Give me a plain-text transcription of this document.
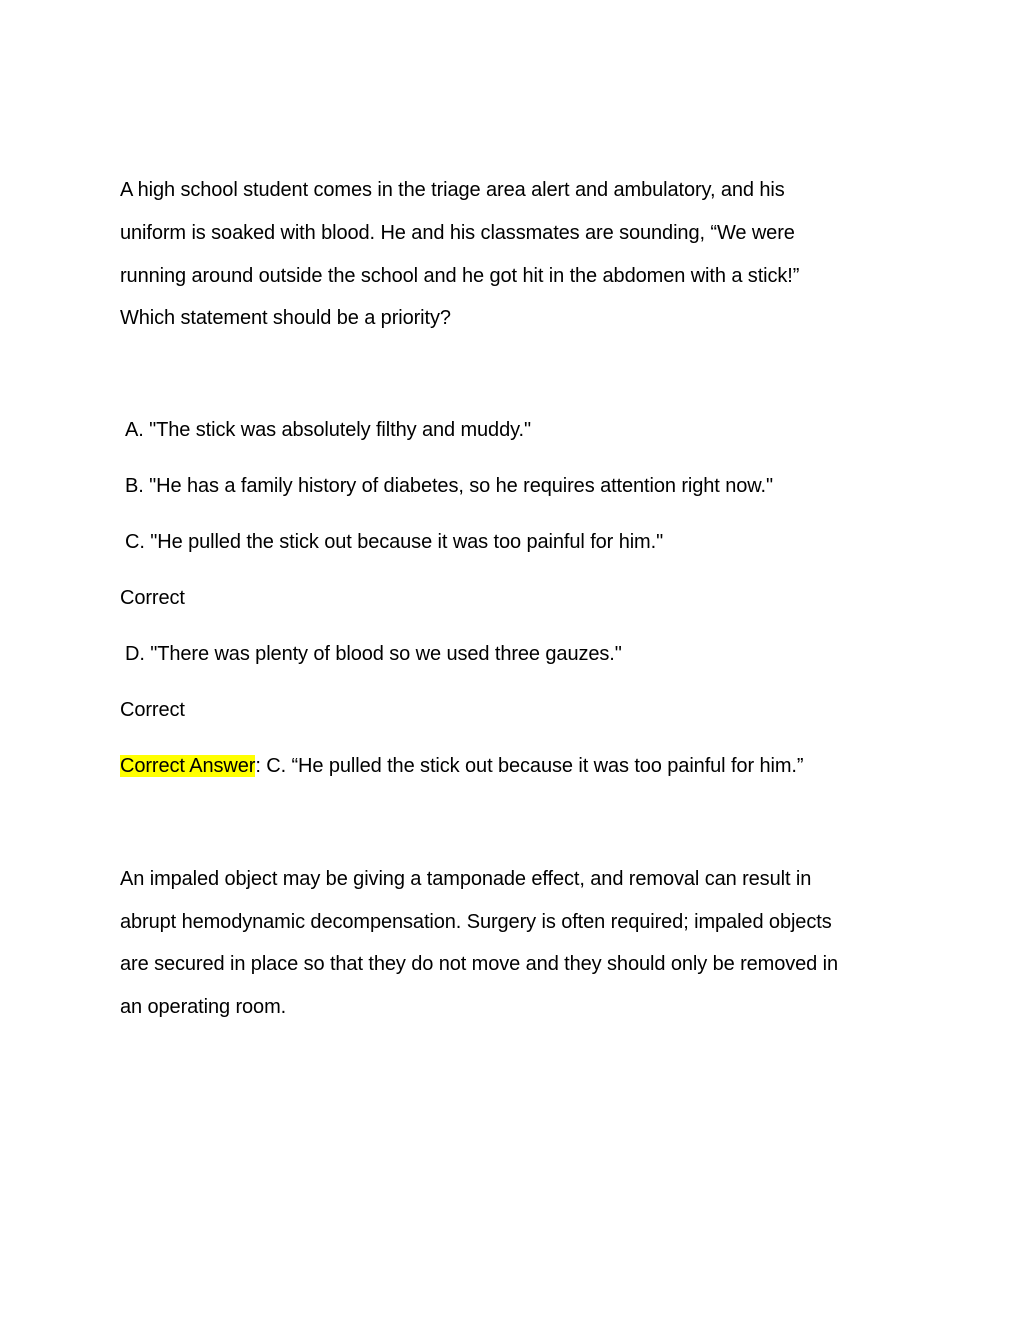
A high school student comes in the triage area alert and ambulatory, and his
uniform is soaked with blood. He and his classmates are sounding, “We were
running around outside the school and he got hit in the abdomen with a stick!”
Which statement should be a priority?
A. "The stick was absolutely filthy and muddy."
B. "He has a family history of diabetes, so he requires attention right now."
C. "He pulled the stick out because it was too painful for him."
Correct
D. "There was plenty of blood so we used three gauzes."
Correct
Correct Answer: C. “He pulled the stick out because it was too painful for him.”
An impaled object may be giving a tamponade effect, and removal can result in
abrupt hemodynamic decompensation. Surgery is often required; impaled objects
are secured in place so that they do not move and they should only be removed in
an operating room.
